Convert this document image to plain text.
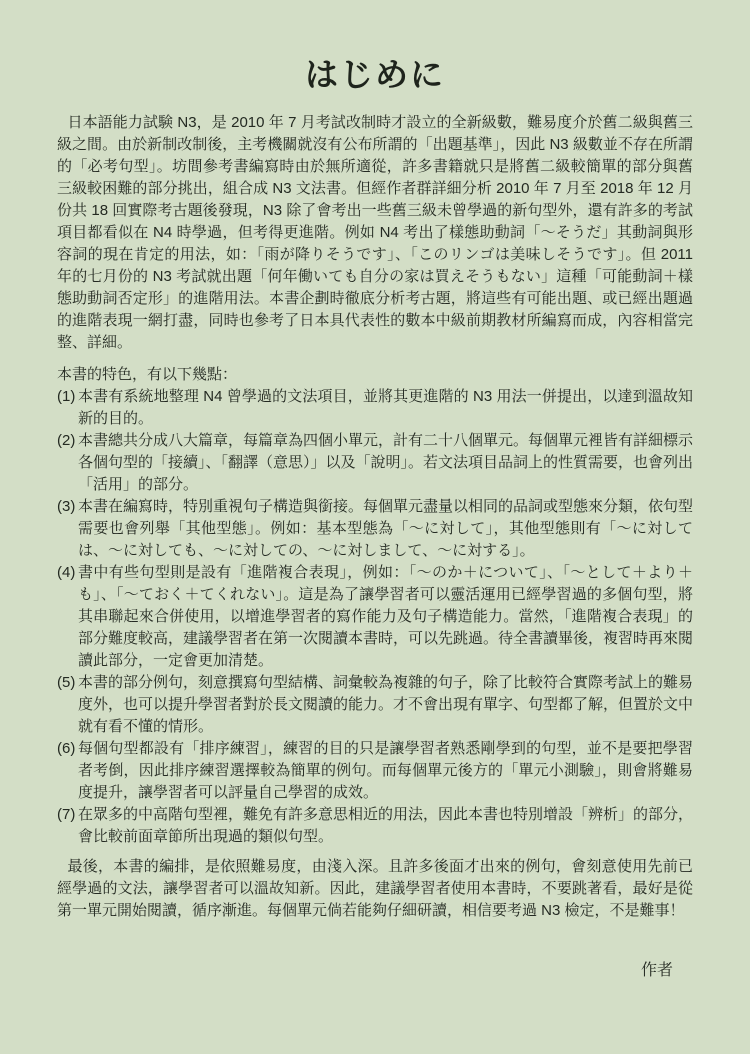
はじめに

日本語能力試験 N3，是 2010 年 7 月考試改制時才設立的全新級數，難易度介於舊二級與舊三級之間。由於新制改制後，主考機關就沒有公布所謂的「出題基準」，因此 N3 級數並不存在所謂的「必考句型」。坊間參考書編寫時由於無所適從，許多書籍就只是將舊二級較簡單的部分與舊三級較困難的部分挑出，組合成 N3 文法書。但經作者群詳細分析 2010 年 7 月至 2018 年 12 月份共 18 回實際考古題後發現，N3 除了會考出一些舊三級未曾學過的新句型外，還有許多的考試項目都看似在 N4 時學過，但考得更進階。例如 N4 考出了樣態助動詞「〜そうだ」其動詞與形容詞的現在肯定的用法，如：「雨が降りそうです」、「このリンゴは美味しそうです」。但 2011 年的七月份的 N3 考試就出題「何年働いても自分の家は買えそうもない」這種「可能動詞＋樣態助動詞否定形」的進階用法。本書企劃時徹底分析考古題，將這些有可能出題、或已經出題過的進階表現一網打盡，同時也參考了日本具代表性的數本中級前期教材所編寫而成，內容相當完整、詳細。

本書的特色，有以下幾點：

(1) 本書有系統地整理 N4 曾學過的文法項目，並將其更進階的 N3 用法一併提出，以達到溫故知新的目的。
(2) 本書總共分成八大篇章，每篇章為四個小單元，計有二十八個單元。每個單元裡皆有詳細標示各個句型的「接續」、「翻譯（意思）」以及「說明」。若文法項目品詞上的性質需要，也會列出「活用」的部分。
(3) 本書在編寫時，特別重視句子構造與銜接。每個單元盡量以相同的品詞或型態來分類，依句型需要也會列舉「其他型態」。例如：基本型態為「〜に対して」，其他型態則有「〜に対しては、〜に対しても、〜に対しての、〜に対しまして、〜に対する」。
(4) 書中有些句型則是設有「進階複合表現」，例如：「〜のか＋について」、「〜として＋より＋も」、「〜ておく＋てくれない」。這是為了讓學習者可以靈活運用已經學習過的多個句型，將其串聯起來合併使用，以增進學習者的寫作能力及句子構造能力。當然，「進階複合表現」的部分難度較高，建議學習者在第一次閱讀本書時，可以先跳過。待全書讀畢後，複習時再來閱讀此部分，一定會更加清楚。
(5) 本書的部分例句，刻意撰寫句型結構、詞彙較為複雜的句子，除了比較符合實際考試上的難易度外，也可以提升學習者對於長文閱讀的能力。才不會出現有單字、句型都了解，但置於文中就有看不懂的情形。
(6) 每個句型都設有「排序練習」，練習的目的只是讓學習者熟悉剛學到的句型，並不是要把學習者考倒，因此排序練習選擇較為簡單的例句。而每個單元後方的「單元小測驗」，則會將難易度提升，讓學習者可以評量自己學習的成效。
(7) 在眾多的中高階句型裡，難免有許多意思相近的用法，因此本書也特別增設「辨析」的部分，會比較前面章節所出現過的類似句型。

最後，本書的編排，是依照難易度，由淺入深。且許多後面才出來的例句，會刻意使用先前已經學過的文法，讓學習者可以溫故知新。因此，建議學習者使用本書時，不要跳著看，最好是從第一單元開始閱讀，循序漸進。每個單元倘若能夠仔細研讀，相信要考過 N3 檢定，不是難事！

作者
